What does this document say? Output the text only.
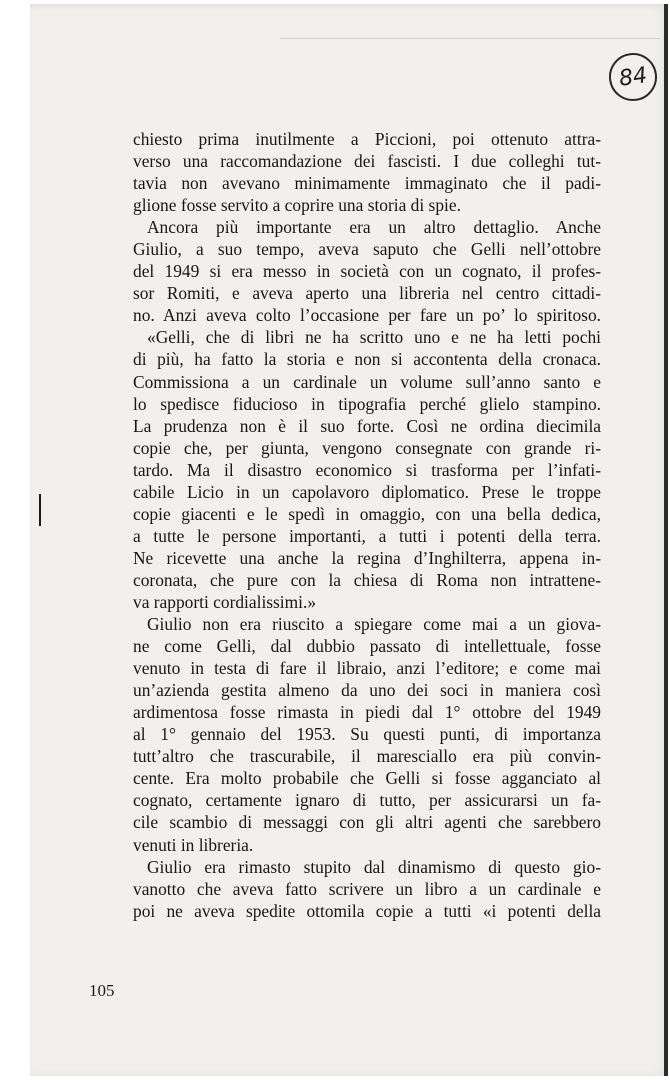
84
chiesto prima inutilmente a Piccioni, poi ottenuto attra-
verso una raccomandazione dei fascisti. I due colleghi tut-
tavia non avevano minimamente immaginato che il padi-
glione fosse servito a coprire una storia di spie.
Ancora più importante era un altro dettaglio. Anche
Giulio, a suo tempo, aveva saputo che Gelli nell’ottobre
del 1949 si era messo in società con un cognato, il profes-
sor Romiti, e aveva aperto una libreria nel centro cittadi-
no. Anzi aveva colto l’occasione per fare un po’ lo spiritoso.
«Gelli, che di libri ne ha scritto uno e ne ha letti pochi
di più, ha fatto la storia e non si accontenta della cronaca.
Commissiona a un cardinale un volume sull’anno santo e
lo spedisce fiducioso in tipografia perché glielo stampino.
La prudenza non è il suo forte. Così ne ordina diecimila
copie che, per giunta, vengono consegnate con grande ri-
tardo. Ma il disastro economico si trasforma per l’infati-
cabile Licio in un capolavoro diplomatico. Prese le troppe
copie giacenti e le spedì in omaggio, con una bella dedica,
a tutte le persone importanti, a tutti i potenti della terra.
Ne ricevette una anche la regina d’Inghilterra, appena in-
coronata, che pure con la chiesa di Roma non intrattene-
va rapporti cordialissimi.»
Giulio non era riuscito a spiegare come mai a un giova-
ne come Gelli, dal dubbio passato di intellettuale, fosse
venuto in testa di fare il libraio, anzi l’editore; e come mai
un’azienda gestita almeno da uno dei soci in maniera così
ardimentosa fosse rimasta in piedi dal 1° ottobre del 1949
al 1° gennaio del 1953. Su questi punti, di importanza
tutt’altro che trascurabile, il maresciallo era più convin-
cente. Era molto probabile che Gelli si fosse agganciato al
cognato, certamente ignaro di tutto, per assicurarsi un fa-
cile scambio di messaggi con gli altri agenti che sarebbero
venuti in libreria.
Giulio era rimasto stupito dal dinamismo di questo gio-
vanotto che aveva fatto scrivere un libro a un cardinale e
poi ne aveva spedite ottomila copie a tutti «i potenti della
105
